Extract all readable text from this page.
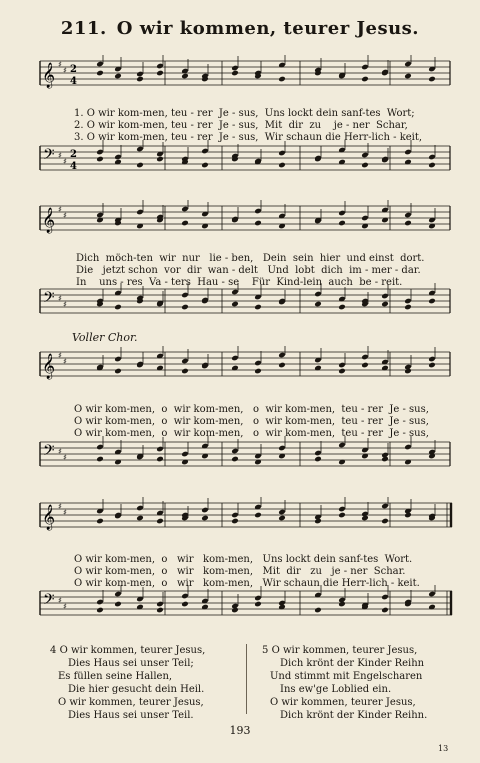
211. O wir kommen, teurer Jesus.
𝄞 2
4
♯
♯

1. O wir kom-men, teu - rer  Je - sus,  Uns lockt dein sanf-tes  Wort;
2. O wir kom-men, teu - rer  Je - sus,  Mit  dir  zu    je - ner  Schar,
3. O wir kom-men, teu - rer  Je - sus,  Wir schaun die Herr-lich - keit,
𝄢 2
4
♯
♯
𝄞 ♯
♯

Dich  möch-ten  wir  nur   lie - ben,   Dein  sein  hier  und einst  dort.
Die   jetzt schon  vor  dir  wan - delt   Und  lobt  dich  im - mer - dar.
In    uns - res  Va - ters  Hau - se    Für  Kind-lein  auch  be - reit.
𝄢 ♯
♯
Voller Chor.
𝄞 ♯
♯

O wir kom-men,  o  wir kom-men,   o  wir kom-men,  teu - rer  Je - sus,
O wir kom-men,  o  wir kom-men,   o  wir kom-men,  teu - rer  Je - sus,
O wir kom-men,  o  wir kom-men,   o  wir kom-men,  teu - rer  Je - sus,
𝄢 ♯
♯
𝄞 ♯
♯

O wir kom-men,  o   wir   kom-men,   Uns lockt dein sanf-tes  Wort.
O wir kom-men,  o   wir   kom-men,   Mit  dir   zu   je - ner  Schar.
O wir kom-men,  o   wir   kom-men,   Wir schaun die Herr-lich - keit.
𝄢 ♯
♯
4 O wir kommen, teurer Jesus,
Dies Haus sei unser Teil;
Es füllen seine Hallen,
Die hier gesucht dein Heil.
O wir kommen, teurer Jesus,
Dies Haus sei unser Teil.
5 O wir kommen, teurer Jesus,
Dich krönt der Kinder Reihn
Und stimmt mit Engelscharen
Ins ew'ge Loblied ein.
O wir kommen, teurer Jesus,
Dich krönt der Kinder Reihn.
193
13
